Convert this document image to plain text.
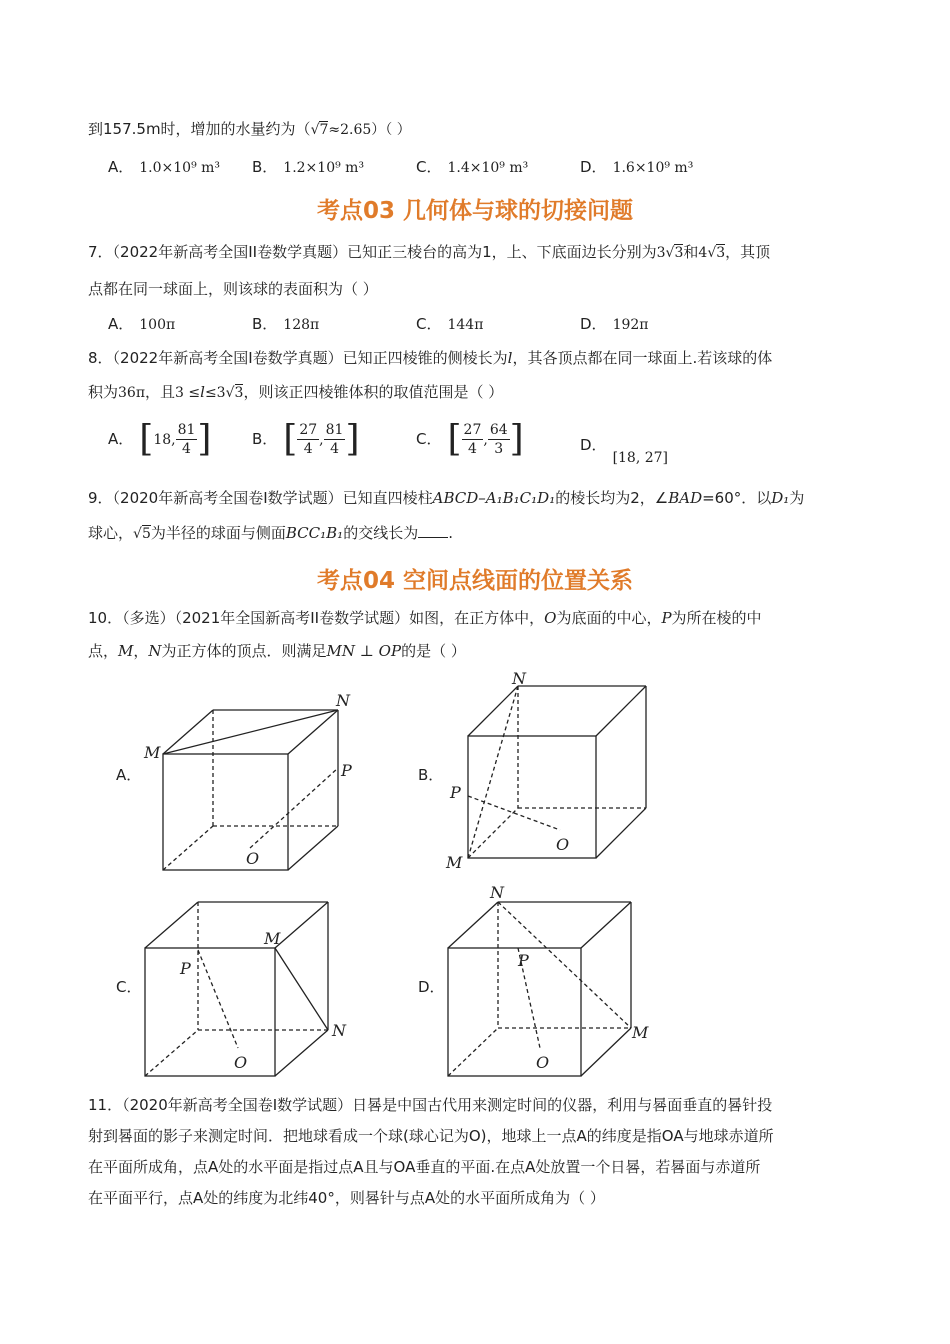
到157.5m时，增加的水量约为（√7≈2.65）（ ）
A． 1.0×10⁹ m³ B． 1.2×10⁹ m³	C． 1.4×10⁹ m³	D． 1.6×10⁹ m³
考点03 几何体与球的切接问题
7．（2022年新高考全国II卷数学真题）已知正三棱台的高为1，上、下底面边长分别为3√3和4√3，其顶
点都在同一球面上，则该球的表面积为（ ）
A． 100π	B． 128π	C． 144π	D． 192π
8．（2022年新高考全国I卷数学真题）已知正四棱锥的侧棱长为l，其各顶点都在同一球面上.若该球的体
积为36π，且3 ≤l≤3√3，则该正四棱锥体积的取值范围是（ ）
A． [18, $\frac{81}{4}$ ]	B． [ $\frac{27}{4}$ , $\frac{81}{4}$ ]	C． [ $\frac{27}{4}$ , $\frac{64}{3}$ ]	D．[18, 27]
9．（2020年新高考全国卷Ⅰ数学试题）已知直四棱柱ABCD–A₁B₁C₁D₁的棱长均为2，∠BAD=60°．以D₁为
球心，√5为半径的球面与侧面BCC₁B₁的交线长为 .
考点04 空间点线面的位置关系
10．（多选）（2021年全国新高考II卷数学试题）如图，在正方体中，O为底面的中心，P为所在棱的中
点，M，N为正方体的顶点．则满足MN ⊥ OP的是（ ）
A．
M
N
P
O
B．
N
P
O
M
C．
M
P
N
O
D．
N
P
M
O
11．（2020年新高考全国卷Ⅰ数学试题）日晷是中国古代用来测定时间的仪器，利用与晷面垂直的晷针投
射到晷面的影子来测定时间．把地球看成一个球(球心记为O)，地球上一点A的纬度是指OA与地球赤道所
在平面所成角，点A处的水平面是指过点A且与OA垂直的平面.在点A处放置一个日晷，若晷面与赤道所
在平面平行，点A处的纬度为北纬40°，则晷针与点A处的水平面所成角为（ ）
